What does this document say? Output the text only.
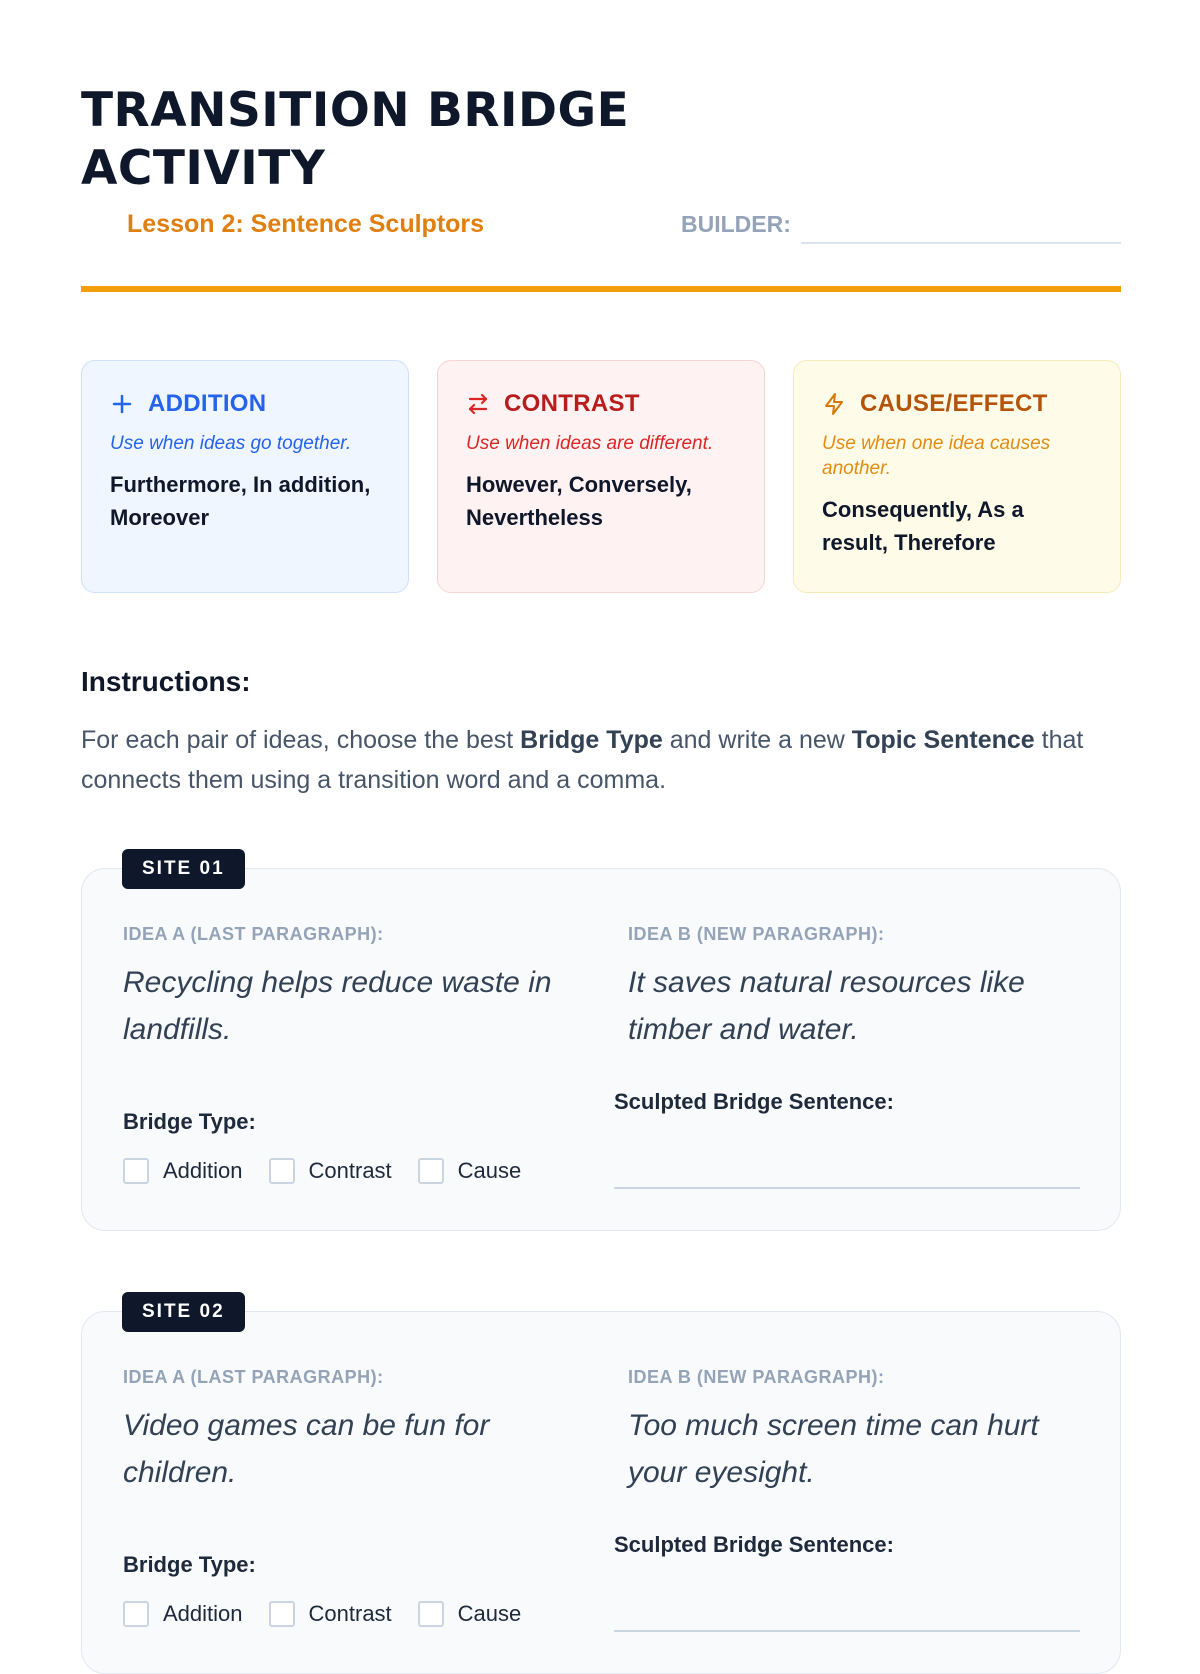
TRANSITION BRIDGE ACTIVITY
Lesson 2: Sentence Sculptors	BUILDER:
ADDITION
Use when ideas go together.
Furthermore, In addition, Moreover
CONTRAST
Use when ideas are different.
However, Conversely, Nevertheless
CAUSE/EFFECT
Use when one idea causes another.
Consequently, As a result, Therefore
Instructions:

For each pair of ideas, choose the best Bridge Type and write a new Topic Sentence that connects them using a transition word and a comma.

SITE 01
IDEA A (LAST PARAGRAPH):
Recycling helps reduce waste in landfills.
IDEA B (NEW PARAGRAPH):
It saves natural resources like timber and water.
Bridge Type:
Addition	Contrast	Cause
Sculpted Bridge Sentence:
SITE 02
IDEA A (LAST PARAGRAPH):
Video games can be fun for children.
IDEA B (NEW PARAGRAPH):
Too much screen time can hurt your eyesight.
Bridge Type:
Addition	Contrast	Cause
Sculpted Bridge Sentence:
